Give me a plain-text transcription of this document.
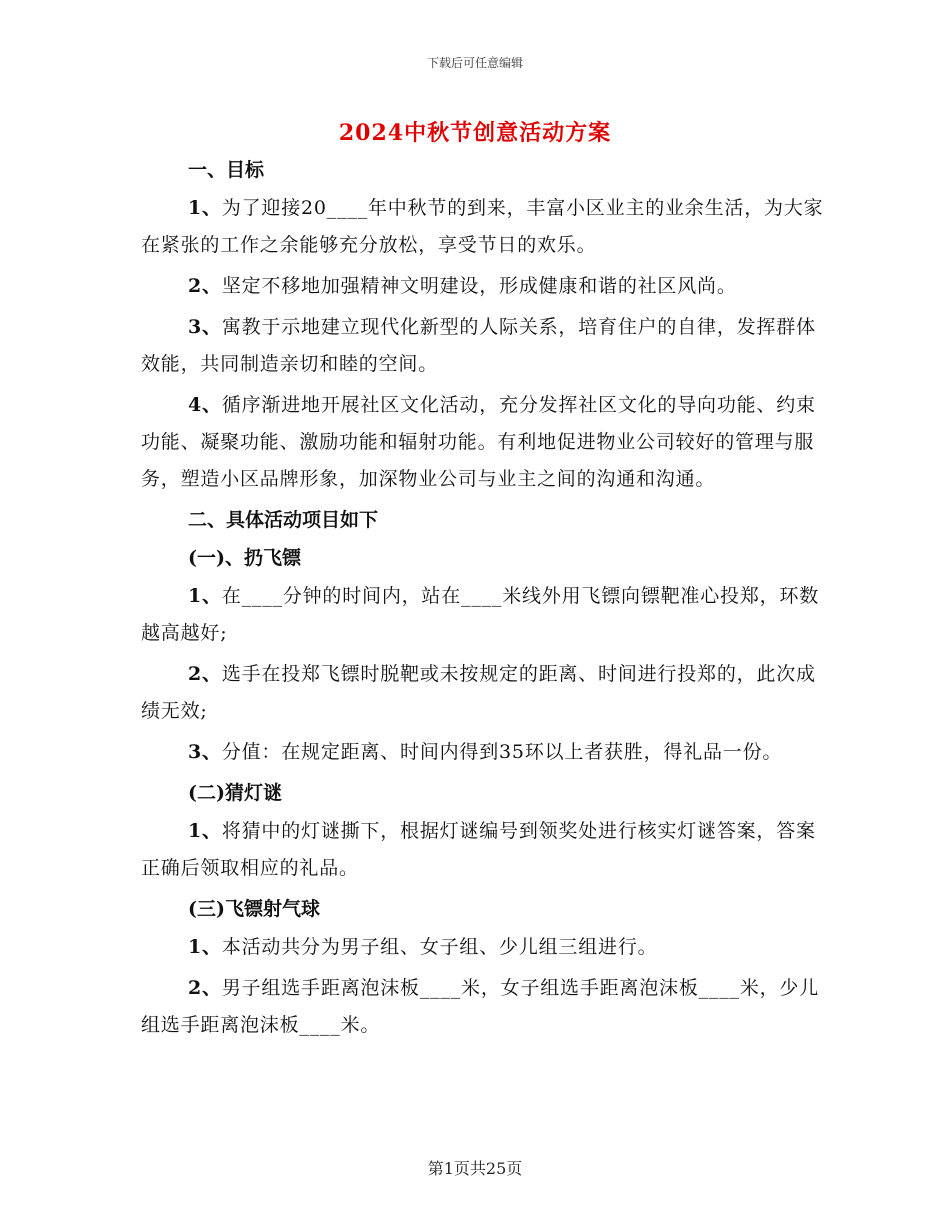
下载后可任意编辑
2024中秋节创意活动方案
一、目标

1、为了迎接20____年中秋节的到来，丰富小区业主的业余生活，为大家在紧张的工作之余能够充分放松，享受节日的欢乐。

2、坚定不移地加强精神文明建设，形成健康和谐的社区风尚。

3、寓教于示地建立现代化新型的人际关系，培育住户的自律，发挥群体效能，共同制造亲切和睦的空间。

4、循序渐进地开展社区文化活动，充分发挥社区文化的导向功能、约束功能、凝聚功能、激励功能和辐射功能。有利地促进物业公司较好的管理与服务，塑造小区品牌形象，加深物业公司与业主之间的沟通和沟通。

二、具体活动项目如下
(一)、扔飞镖

1、在____分钟的时间内，站在____米线外用飞镖向镖靶准心投郑，环数越高越好;

2、选手在投郑飞镖时脱靶或未按规定的距离、时间进行投郑的，此次成绩无效;

3、分值：在规定距离、时间内得到35环以上者获胜，得礼品一份。

(二)猜灯谜

1、将猜中的灯谜撕下，根据灯谜编号到领奖处进行核实灯谜答案，答案正确后领取相应的礼品。

(三)飞镖射气球

1、本活动共分为男子组、女子组、少儿组三组进行。

2、男子组选手距离泡沫板____米，女子组选手距离泡沫板____米，少儿组选手距离泡沫板____米。

第1页共25页
